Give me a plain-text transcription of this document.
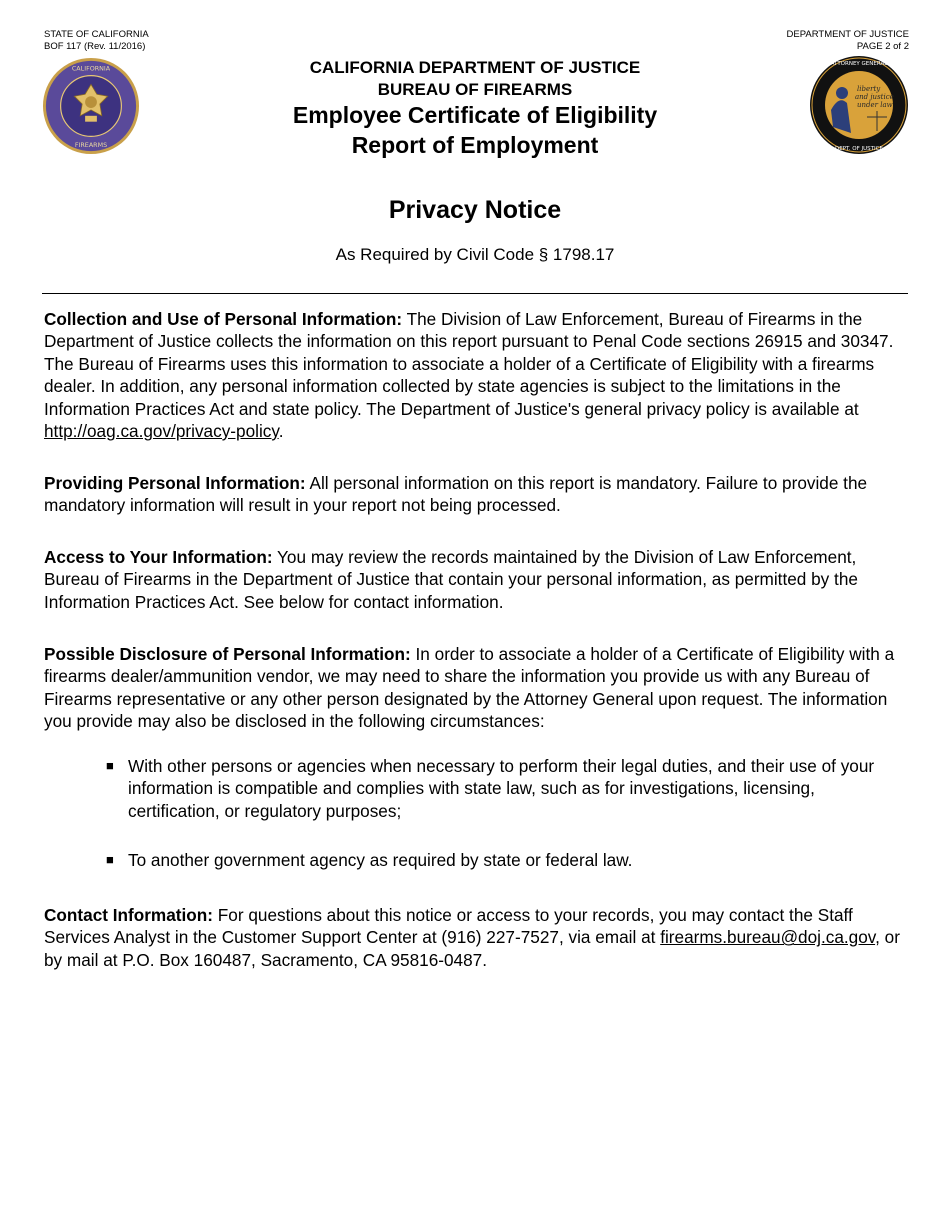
STATE OF CALIFORNIA
BOF 117 (Rev. 11/2016)
DEPARTMENT OF JUSTICE
PAGE 2 of 2
CALIFORNIA
FIREARMS
liberty
and justice
under law
ATTORNEY GENERAL
DEPT. OF JUSTICE
CALIFORNIA DEPARTMENT OF JUSTICE
BUREAU OF FIREARMS
Employee Certificate of Eligibility
Report of Employment
Privacy Notice
As Required by Civil Code § 1798.17
Collection and Use of Personal Information: The Division of Law Enforcement, Bureau of Firearms in the Department of Justice collects the information on this report pursuant to Penal Code sections 26915 and 30347. The Bureau of Firearms uses this information to associate a holder of a Certificate of Eligibility with a firearms dealer. In addition, any personal information collected by state agencies is subject to the limitations in the Information Practices Act and state policy. The Department of Justice's general privacy policy is available at http://oag.ca.gov/privacy-policy.
Providing Personal Information: All personal information on this report is mandatory. Failure to provide the mandatory information will result in your report not being processed.
Access to Your Information: You may review the records maintained by the Division of Law Enforcement, Bureau of Firearms in the Department of Justice that contain your personal information, as permitted by the Information Practices Act. See below for contact information.
Possible Disclosure of Personal Information: In order to associate a holder of a Certificate of Eligibility with a firearms dealer/ammunition vendor, we may need to share the information you provide us with any Bureau of Firearms representative or any other person designated by the Attorney General upon request. The information you provide may also be disclosed in the following circumstances:
■ With other persons or agencies when necessary to perform their legal duties, and their use of your information is compatible and complies with state law, such as for investigations, licensing, certification, or regulatory purposes;
■ To another government agency as required by state or federal law.
Contact Information: For questions about this notice or access to your records, you may contact the Staff Services Analyst in the Customer Support Center at (916) 227-7527, via email at firearms.bureau@doj.ca.gov, or by mail at P.O. Box 160487, Sacramento, CA 95816-0487.
